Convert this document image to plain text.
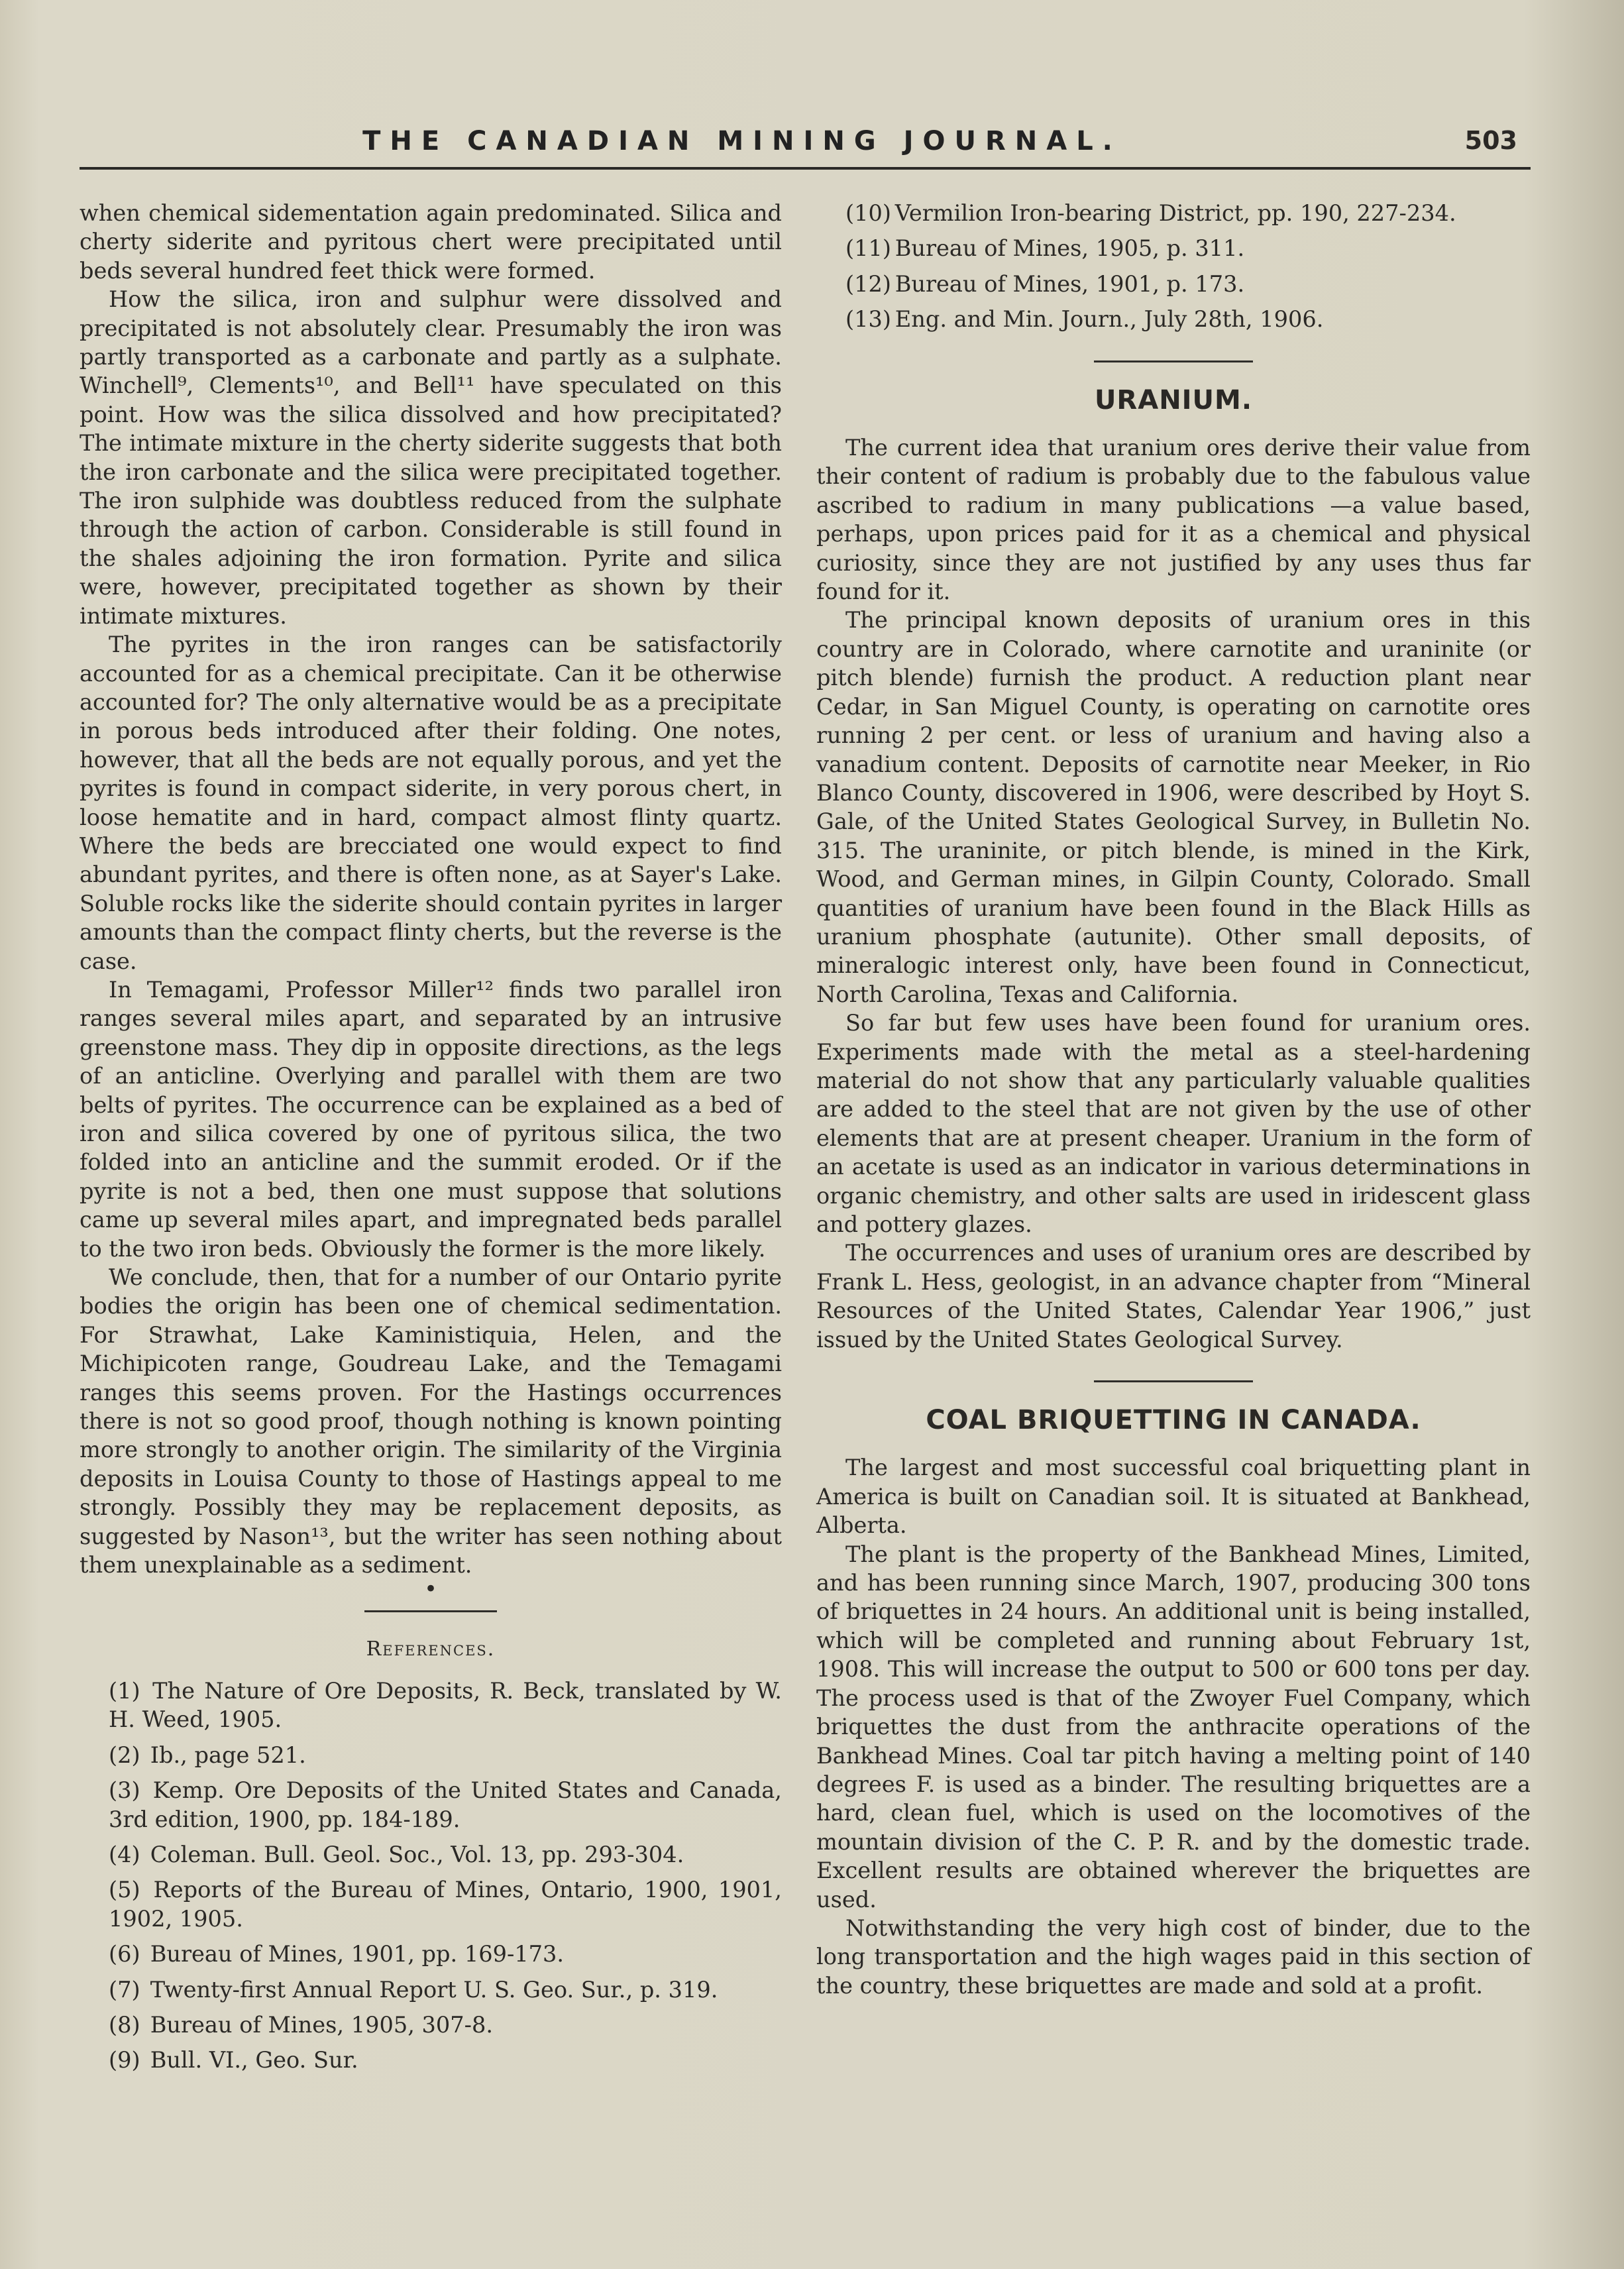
THE CANADIAN MINING JOURNAL.	503

when chemical sidementation again predominated. Silica and cherty siderite and pyritous chert were precipitated until beds several hundred feet thick were formed.

How the silica, iron and sulphur were dissolved and precipitated is not absolutely clear. Presumably the iron was partly transported as a carbonate and partly as a sulphate. Winchell⁹, Clements¹⁰, and Bell¹¹ have speculated on this point. How was the silica dissolved and how precipitated? The intimate mixture in the cherty siderite suggests that both the iron carbonate and the silica were precipitated together. The iron sulphide was doubtless reduced from the sulphate through the action of carbon. Considerable is still found in the shales adjoining the iron formation. Pyrite and silica were, however, precipitated together as shown by their intimate mixtures.

The pyrites in the iron ranges can be satisfactorily accounted for as a chemical precipitate. Can it be otherwise accounted for? The only alternative would be as a precipitate in porous beds introduced after their folding. One notes, however, that all the beds are not equally porous, and yet the pyrites is found in compact siderite, in very porous chert, in loose hematite and in hard, compact almost flinty quartz. Where the beds are brecciated one would expect to find abundant pyrites, and there is often none, as at Sayer's Lake. Soluble rocks like the siderite should contain pyrites in larger amounts than the compact flinty cherts, but the reverse is the case.

In Temagami, Professor Miller¹² finds two parallel iron ranges several miles apart, and separated by an intrusive greenstone mass. They dip in opposite directions, as the legs of an anticline. Overlying and parallel with them are two belts of pyrites. The occurrence can be explained as a bed of iron and silica covered by one of pyritous silica, the two folded into an anticline and the summit eroded. Or if the pyrite is not a bed, then one must suppose that solutions came up several miles apart, and impregnated beds parallel to the two iron beds. Obviously the former is the more likely.

We conclude, then, that for a number of our Ontario pyrite bodies the origin has been one of chemical sedimentation. For Strawhat, Lake Kaministiquia, Helen, and the Michipicoten range, Goudreau Lake, and the Temagami ranges this seems proven. For the Hastings occurrences there is not so good proof, though nothing is known pointing more strongly to another origin. The similarity of the Virginia deposits in Louisa County to those of Hastings appeal to me strongly. Possibly they may be replacement deposits, as suggested by Nason¹³, but the writer has seen nothing about them unexplainable as a sediment.

•
References.
(1) The Nature of Ore Deposits, R. Beck, translated by W. H. Weed, 1905.
(2) Ib., page 521.
(3) Kemp. Ore Deposits of the United States and Canada, 3rd edition, 1900, pp. 184-189.
(4) Coleman. Bull. Geol. Soc., Vol. 13, pp. 293-304.
(5) Reports of the Bureau of Mines, Ontario, 1900, 1901, 1902, 1905.
(6) Bureau of Mines, 1901, pp. 169-173.
(7) Twenty-first Annual Report U. S. Geo. Sur., p. 319.
(8) Bureau of Mines, 1905, 307-8.
(9) Bull. VI., Geo. Sur.
(10) Vermilion Iron-bearing District, pp. 190, 227-234.
(11) Bureau of Mines, 1905, p. 311.
(12) Bureau of Mines, 1901, p. 173.
(13) Eng. and Min. Journ., July 28th, 1906.
URANIUM.

The current idea that uranium ores derive their value from their content of radium is probably due to the fabulous value ascribed to radium in many publications —a value based, perhaps, upon prices paid for it as a chemical and physical curiosity, since they are not justified by any uses thus far found for it.

The principal known deposits of uranium ores in this country are in Colorado, where carnotite and uraninite (or pitch blende) furnish the product. A reduction plant near Cedar, in San Miguel County, is operating on carnotite ores running 2 per cent. or less of uranium and having also a vanadium content. Deposits of carnotite near Meeker, in Rio Blanco County, discovered in 1906, were described by Hoyt S. Gale, of the United States Geological Survey, in Bulletin No. 315. The uraninite, or pitch blende, is mined in the Kirk, Wood, and German mines, in Gilpin County, Colorado. Small quantities of uranium have been found in the Black Hills as uranium phosphate (autunite). Other small deposits, of mineralogic interest only, have been found in Connecticut, North Carolina, Texas and California.

So far but few uses have been found for uranium ores. Experiments made with the metal as a steel-hardening material do not show that any particularly valuable qualities are added to the steel that are not given by the use of other elements that are at present cheaper. Uranium in the form of an acetate is used as an indicator in various determinations in organic chemistry, and other salts are used in iridescent glass and pottery glazes.

The occurrences and uses of uranium ores are described by Frank L. Hess, geologist, in an advance chapter from “Mineral Resources of the United States, Calendar Year 1906,” just issued by the United States Geological Survey.

COAL BRIQUETTING IN CANADA.

The largest and most successful coal briquetting plant in America is built on Canadian soil. It is situated at Bankhead, Alberta.

The plant is the property of the Bankhead Mines, Limited, and has been running since March, 1907, producing 300 tons of briquettes in 24 hours. An additional unit is being installed, which will be completed and running about February 1st, 1908. This will increase the output to 500 or 600 tons per day. The process used is that of the Zwoyer Fuel Company, which briquettes the dust from the anthracite operations of the Bankhead Mines. Coal tar pitch having a melting point of 140 degrees F. is used as a binder. The resulting briquettes are a hard, clean fuel, which is used on the locomotives of the mountain division of the C. P. R. and by the domestic trade. Excellent results are obtained wherever the briquettes are used.

Notwithstanding the very high cost of binder, due to the long transportation and the high wages paid in this section of the country, these briquettes are made and sold at a profit.
